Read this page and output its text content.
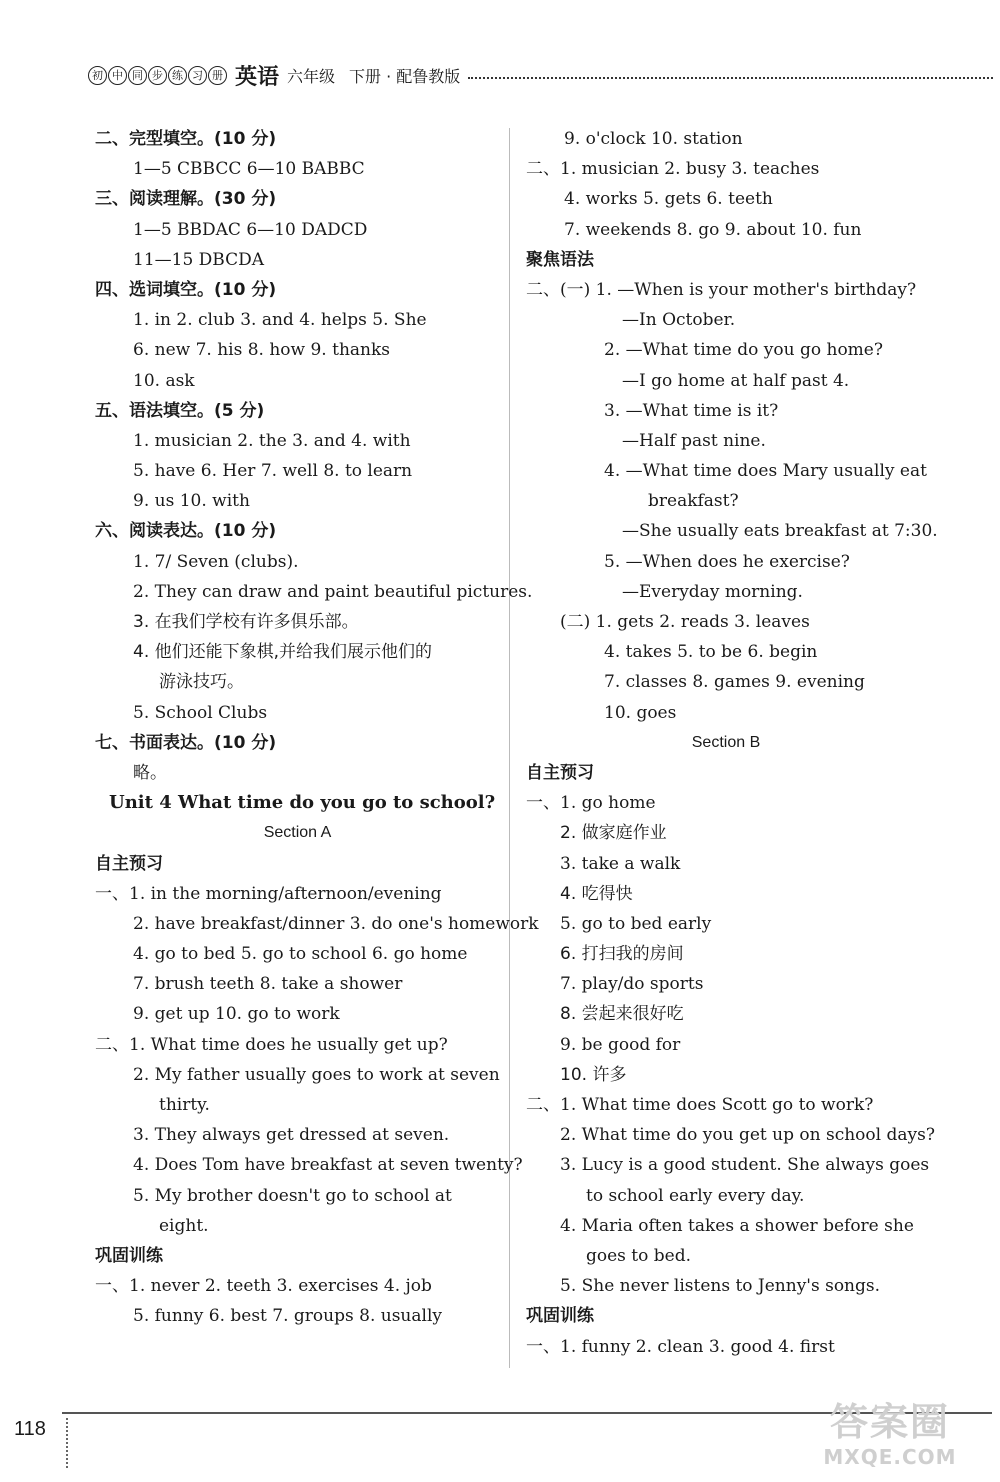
初 中 同 步 练 习 册 英语 六年级 下册 · 配鲁教版
二、完型填空。(10 分)
1—5 CBBCC 6—10 BABBC
三、阅读理解。(30 分)
1—5 BBDAC 6—10 DADCD
11—15 DBCDA
四、选词填空。(10 分)
1. in 2. club 3. and 4. helps 5. She
6. new 7. his 8. how 9. thanks
10. ask
五、语法填空。(5 分)
1. musician 2. the 3. and 4. with
5. have 6. Her 7. well 8. to learn
9. us 10. with
六、阅读表达。(10 分)
1. 7/ Seven (clubs).
2. They can draw and paint beautiful pictures.
3. 在我们学校有许多俱乐部。
4. 他们还能下象棋,并给我们展示他们的
游泳技巧。
5. School Clubs
七、书面表达。(10 分)
略。
Unit 4 What time do you go to school?
Section A
自主预习
一、1. in the morning/afternoon/evening
2. have breakfast/dinner 3. do one's homework
4. go to bed 5. go to school 6. go home
7. brush teeth 8. take a shower
9. get up 10. go to work
二、1. What time does he usually get up?
2. My father usually goes to work at seven
thirty.
3. They always get dressed at seven.
4. Does Tom have breakfast at seven twenty?
5. My brother doesn't go to school at
eight.
巩固训练
一、1. never 2. teeth 3. exercises 4. job
5. funny 6. best 7. groups 8. usually
9. o'clock 10. station
二、1. musician 2. busy 3. teaches
4. works 5. gets 6. teeth
7. weekends 8. go 9. about 10. fun
聚焦语法
二、(一) 1. —When is your mother's birthday?
—In October.
2. —What time do you go home?
—I go home at half past 4.
3. —What time is it?
—Half past nine.
4. —What time does Mary usually eat
breakfast?
—She usually eats breakfast at 7:30.
5. —When does he exercise?
—Everyday morning.
(二) 1. gets 2. reads 3. leaves
4. takes 5. to be 6. begin
7. classes 8. games 9. evening
10. goes
Section B
自主预习
一、1. go home
2. 做家庭作业
3. take a walk
4. 吃得快
5. go to bed early
6. 打扫我的房间
7. play/do sports
8. 尝起来很好吃
9. be good for
10. 许多
二、1. What time does Scott go to work?
2. What time do you get up on school days?
3. Lucy is a good student. She always goes
to school early every day.
4. Maria often takes a shower before she
goes to bed.
5. She never listens to Jenny's songs.
巩固训练
一、1. funny 2. clean 3. good 4. first
118	答案圈
MXQE.COM
